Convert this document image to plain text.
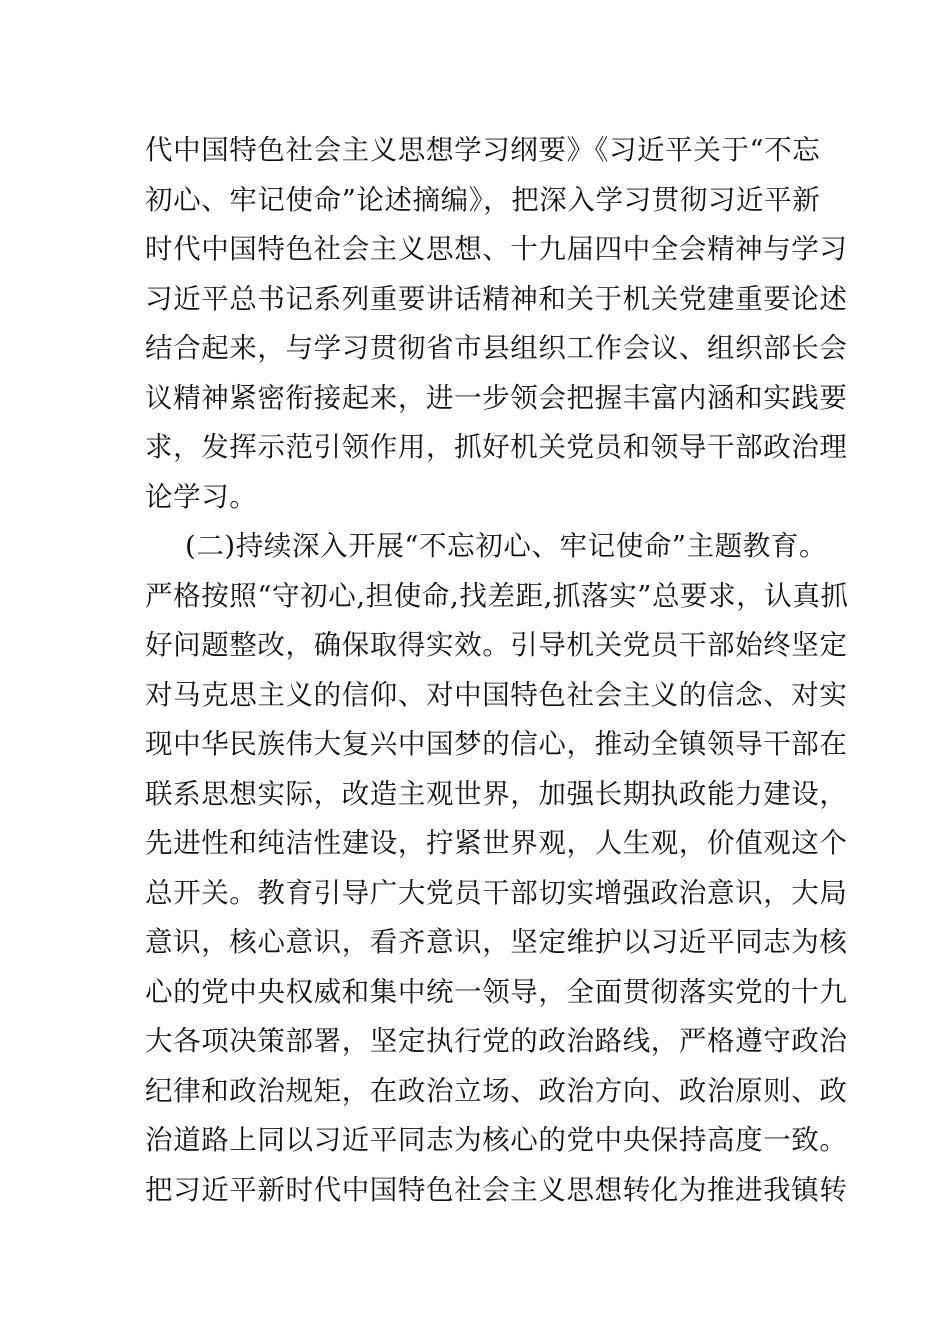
代中国特色社会主义思想学习纲要》《习近平关于“不忘
初心、牢记使命”论述摘编》，把深入学习贯彻习近平新
时代中国特色社会主义思想、十九届四中全会精神与学习
习近平总书记系列重要讲话精神和关于机关党建重要论述
结合起来，与学习贯彻省市县组织工作会议、组织部长会
议精神紧密衔接起来，进一步领会把握丰富内涵和实践要
求，发挥示范引领作用，抓好机关党员和领导干部政治理
论学习。
(二)持续深入开展“不忘初心、牢记使命”主题教育。
严格按照“守初心,担使命,找差距,抓落实”总要求，认真抓
好问题整改，确保取得实效。引导机关党员干部始终坚定
对马克思主义的信仰、对中国特色社会主义的信念、对实
现中华民族伟大复兴中国梦的信心，推动全镇领导干部在
联系思想实际，改造主观世界，加强长期执政能力建设，
先进性和纯洁性建设，拧紧世界观，人生观，价值观这个
总开关。教育引导广大党员干部切实增强政治意识，大局
意识，核心意识，看齐意识，坚定维护以习近平同志为核
心的党中央权威和集中统一领导，全面贯彻落实党的十九
大各项决策部署，坚定执行党的政治路线，严格遵守政治
纪律和政治规矩，在政治立场、政治方向、政治原则、政
治道路上同以习近平同志为核心的党中央保持高度一致。
把习近平新时代中国特色社会主义思想转化为推进我镇转
